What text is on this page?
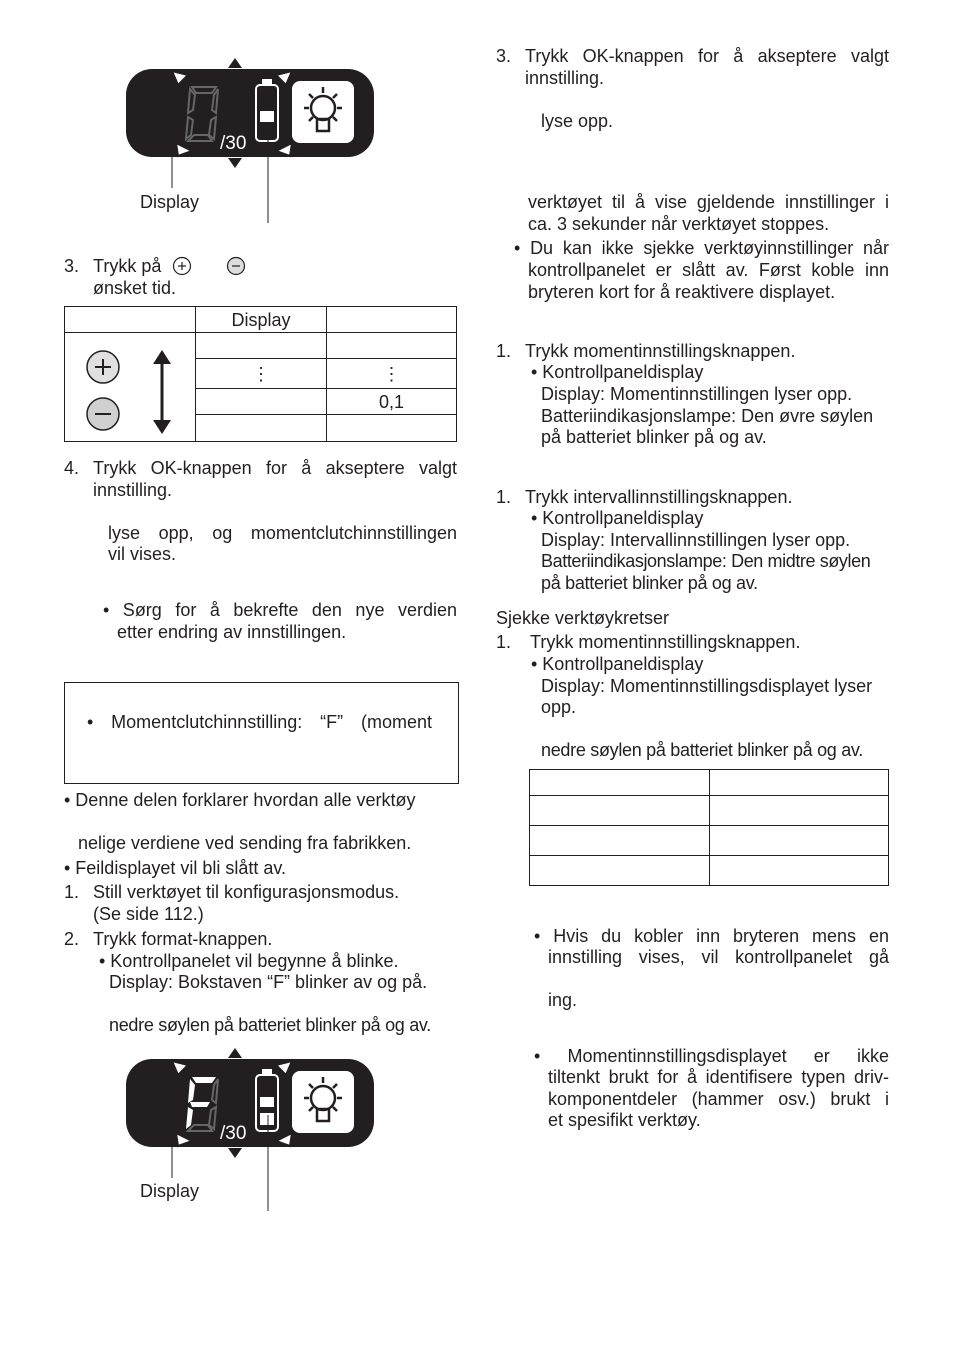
/30
Display
3. Trykk på
ønsket tid.
	Display	

	⋮	⋮
		0,1

4. Trykk OK-knappen for å akseptere valgt
innstilling.
lyse opp, og momentclutchinnstillingen
vil vises.
• Sørg for å bekrefte den nye verdien
etter endring av innstillingen.
• Momentclutchinnstilling: “F” (moment
• Denne delen forklarer hvordan alle verktøy
nelige verdiene ved sending fra fabrikken.
• Feildisplayet vil bli slått av.
1. Still verktøyet til konfigurasjonsmodus.
(Se side 112.)
2. Trykk format-knappen.
• Kontrollpanelet vil begynne å blinke.
Display: Bokstaven “F” blinker av og på.
nedre søylen på batteriet blinker på og av.
/30
Display
3. Trykk OK-knappen for å akseptere valgt
innstilling.
lyse opp.
verktøyet til å vise gjeldende innstillinger i
ca. 3 sekunder når verktøyet stoppes.
• Du kan ikke sjekke verktøyinnstillinger når
kontrollpanelet er slått av. Først koble inn
bryteren kort for å reaktivere displayet.
1. Trykk momentinnstillingsknappen.
• Kontrollpaneldisplay
Display: Momentinnstillingen lyser opp.
Batteriindikasjonslampe: Den øvre søylen
på batteriet blinker på og av.
1. Trykk intervallinnstillingsknappen.
• Kontrollpaneldisplay
Display: Intervallinnstillingen lyser opp.
Batteriindikasjonslampe: Den midtre søylen
på batteriet blinker på og av.
Sjekke verktøykretser
1. Trykk momentinnstillingsknappen.
• Kontrollpaneldisplay
Display: Momentinnstillingsdisplayet lyser
opp.
nedre søylen på batteriet blinker på og av.

• Hvis du kobler inn bryteren mens en
innstilling vises, vil kontrollpanelet gå
ing.
• Momentinnstillingsdisplayet er ikke
tiltenkt brukt for å identifisere typen driv-
komponentdeler (hammer osv.) brukt i
et spesifikt verktøy.
